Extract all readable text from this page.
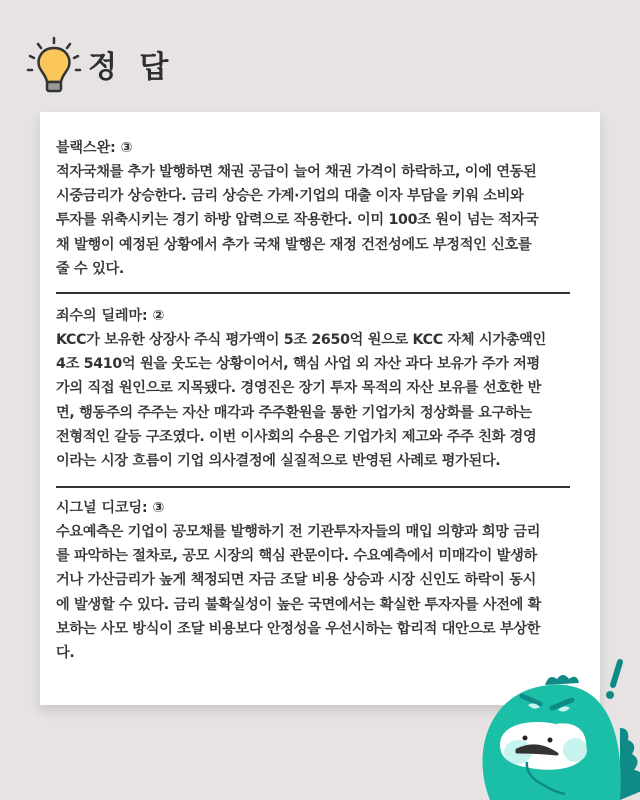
정 답
블랙스완: ③
적자국채를 추가 발행하면 채권 공급이 늘어 채권 가격이 하락하고, 이에 연동된
시중금리가 상승한다. 금리 상승은 가계·기업의 대출 이자 부담을 키워 소비와
투자를 위축시키는 경기 하방 압력으로 작용한다. 이미 100조 원이 넘는 적자국
채 발행이 예정된 상황에서 추가 국채 발행은 재정 건전성에도 부정적인 신호를
줄 수 있다.
죄수의 딜레마: ②
KCC가 보유한 상장사 주식 평가액이 5조 2650억 원으로 KCC 자체 시가총액인
4조 5410억 원을 웃도는 상황이어서, 핵심 사업 외 자산 과다 보유가 주가 저평
가의 직접 원인으로 지목됐다. 경영진은 장기 투자 목적의 자산 보유를 선호한 반
면, 행동주의 주주는 자산 매각과 주주환원을 통한 기업가치 정상화를 요구하는
전형적인 갈등 구조였다. 이번 이사회의 수용은 기업가치 제고와 주주 친화 경영
이라는 시장 흐름이 기업 의사결정에 실질적으로 반영된 사례로 평가된다.
시그널 디코딩: ③
수요예측은 기업이 공모채를 발행하기 전 기관투자자들의 매입 의향과 희망 금리
를 파악하는 절차로, 공모 시장의 핵심 관문이다. 수요예측에서 미매각이 발생하
거나 가산금리가 높게 책정되면 자금 조달 비용 상승과 시장 신인도 하락이 동시
에 발생할 수 있다. 금리 불확실성이 높은 국면에서는 확실한 투자자를 사전에 확
보하는 사모 방식이 조달 비용보다 안정성을 우선시하는 합리적 대안으로 부상한
다.
